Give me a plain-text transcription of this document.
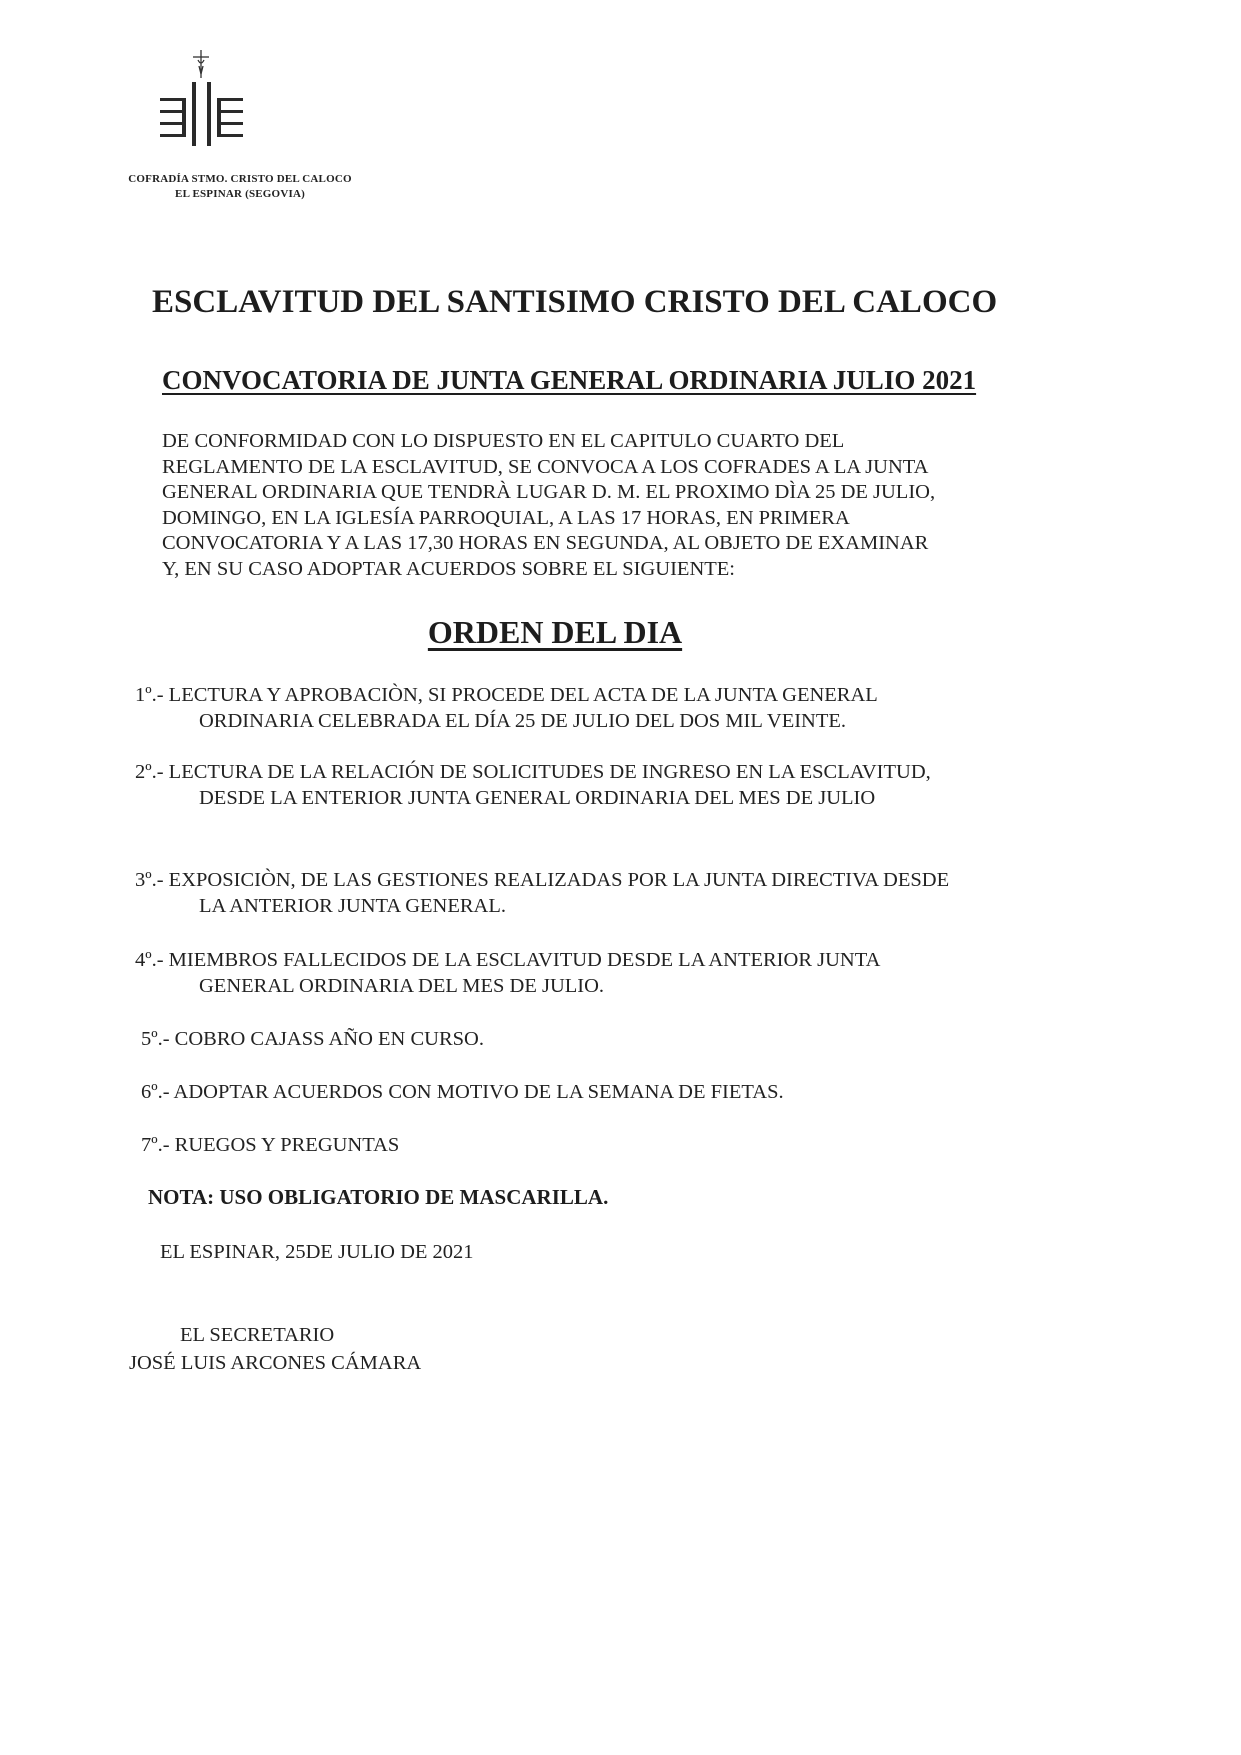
COFRADÍA STMO. CRISTO DEL CALOCO
EL ESPINAR (SEGOVIA)
ESCLAVITUD DEL SANTISIMO CRISTO DEL CALOCO
CONVOCATORIA DE JUNTA GENERAL ORDINARIA JULIO 2021
DE CONFORMIDAD CON LO DISPUESTO EN EL CAPITULO CUARTO DEL
REGLAMENTO DE LA ESCLAVITUD, SE CONVOCA A LOS COFRADES A LA JUNTA
GENERAL ORDINARIA QUE TENDRÀ LUGAR D. M. EL PROXIMO DÌA 25 DE JULIO,
DOMINGO, EN LA IGLESÍA PARROQUIAL, A LAS 17 HORAS, EN PRIMERA
CONVOCATORIA Y A LAS 17,30 HORAS EN SEGUNDA, AL OBJETO DE EXAMINAR
Y, EN SU CASO ADOPTAR ACUERDOS SOBRE EL SIGUIENTE:
ORDEN DEL DIA
1º.- LECTURA Y APROBACIÒN, SI PROCEDE DEL ACTA DE LA JUNTA GENERAL
ORDINARIA CELEBRADA EL DÍA 25 DE JULIO DEL DOS MIL VEINTE.
2º.- LECTURA DE LA RELACIÓN DE SOLICITUDES DE INGRESO EN LA ESCLAVITUD,
DESDE LA ENTERIOR JUNTA GENERAL ORDINARIA DEL MES DE JULIO
3º.- EXPOSICIÒN, DE LAS GESTIONES REALIZADAS POR LA JUNTA DIRECTIVA DESDE
LA ANTERIOR JUNTA GENERAL.
4º.- MIEMBROS FALLECIDOS DE LA ESCLAVITUD DESDE LA ANTERIOR JUNTA
GENERAL ORDINARIA DEL MES DE JULIO.
5º.- COBRO CAJASS AÑO EN CURSO.
6º.- ADOPTAR ACUERDOS CON MOTIVO DE LA SEMANA DE FIETAS.
7º.- RUEGOS Y PREGUNTAS
NOTA: USO OBLIGATORIO DE MASCARILLA.
EL ESPINAR, 25DE JULIO DE 2021
EL SECRETARIO
JOSÉ LUIS ARCONES CÁMARA
